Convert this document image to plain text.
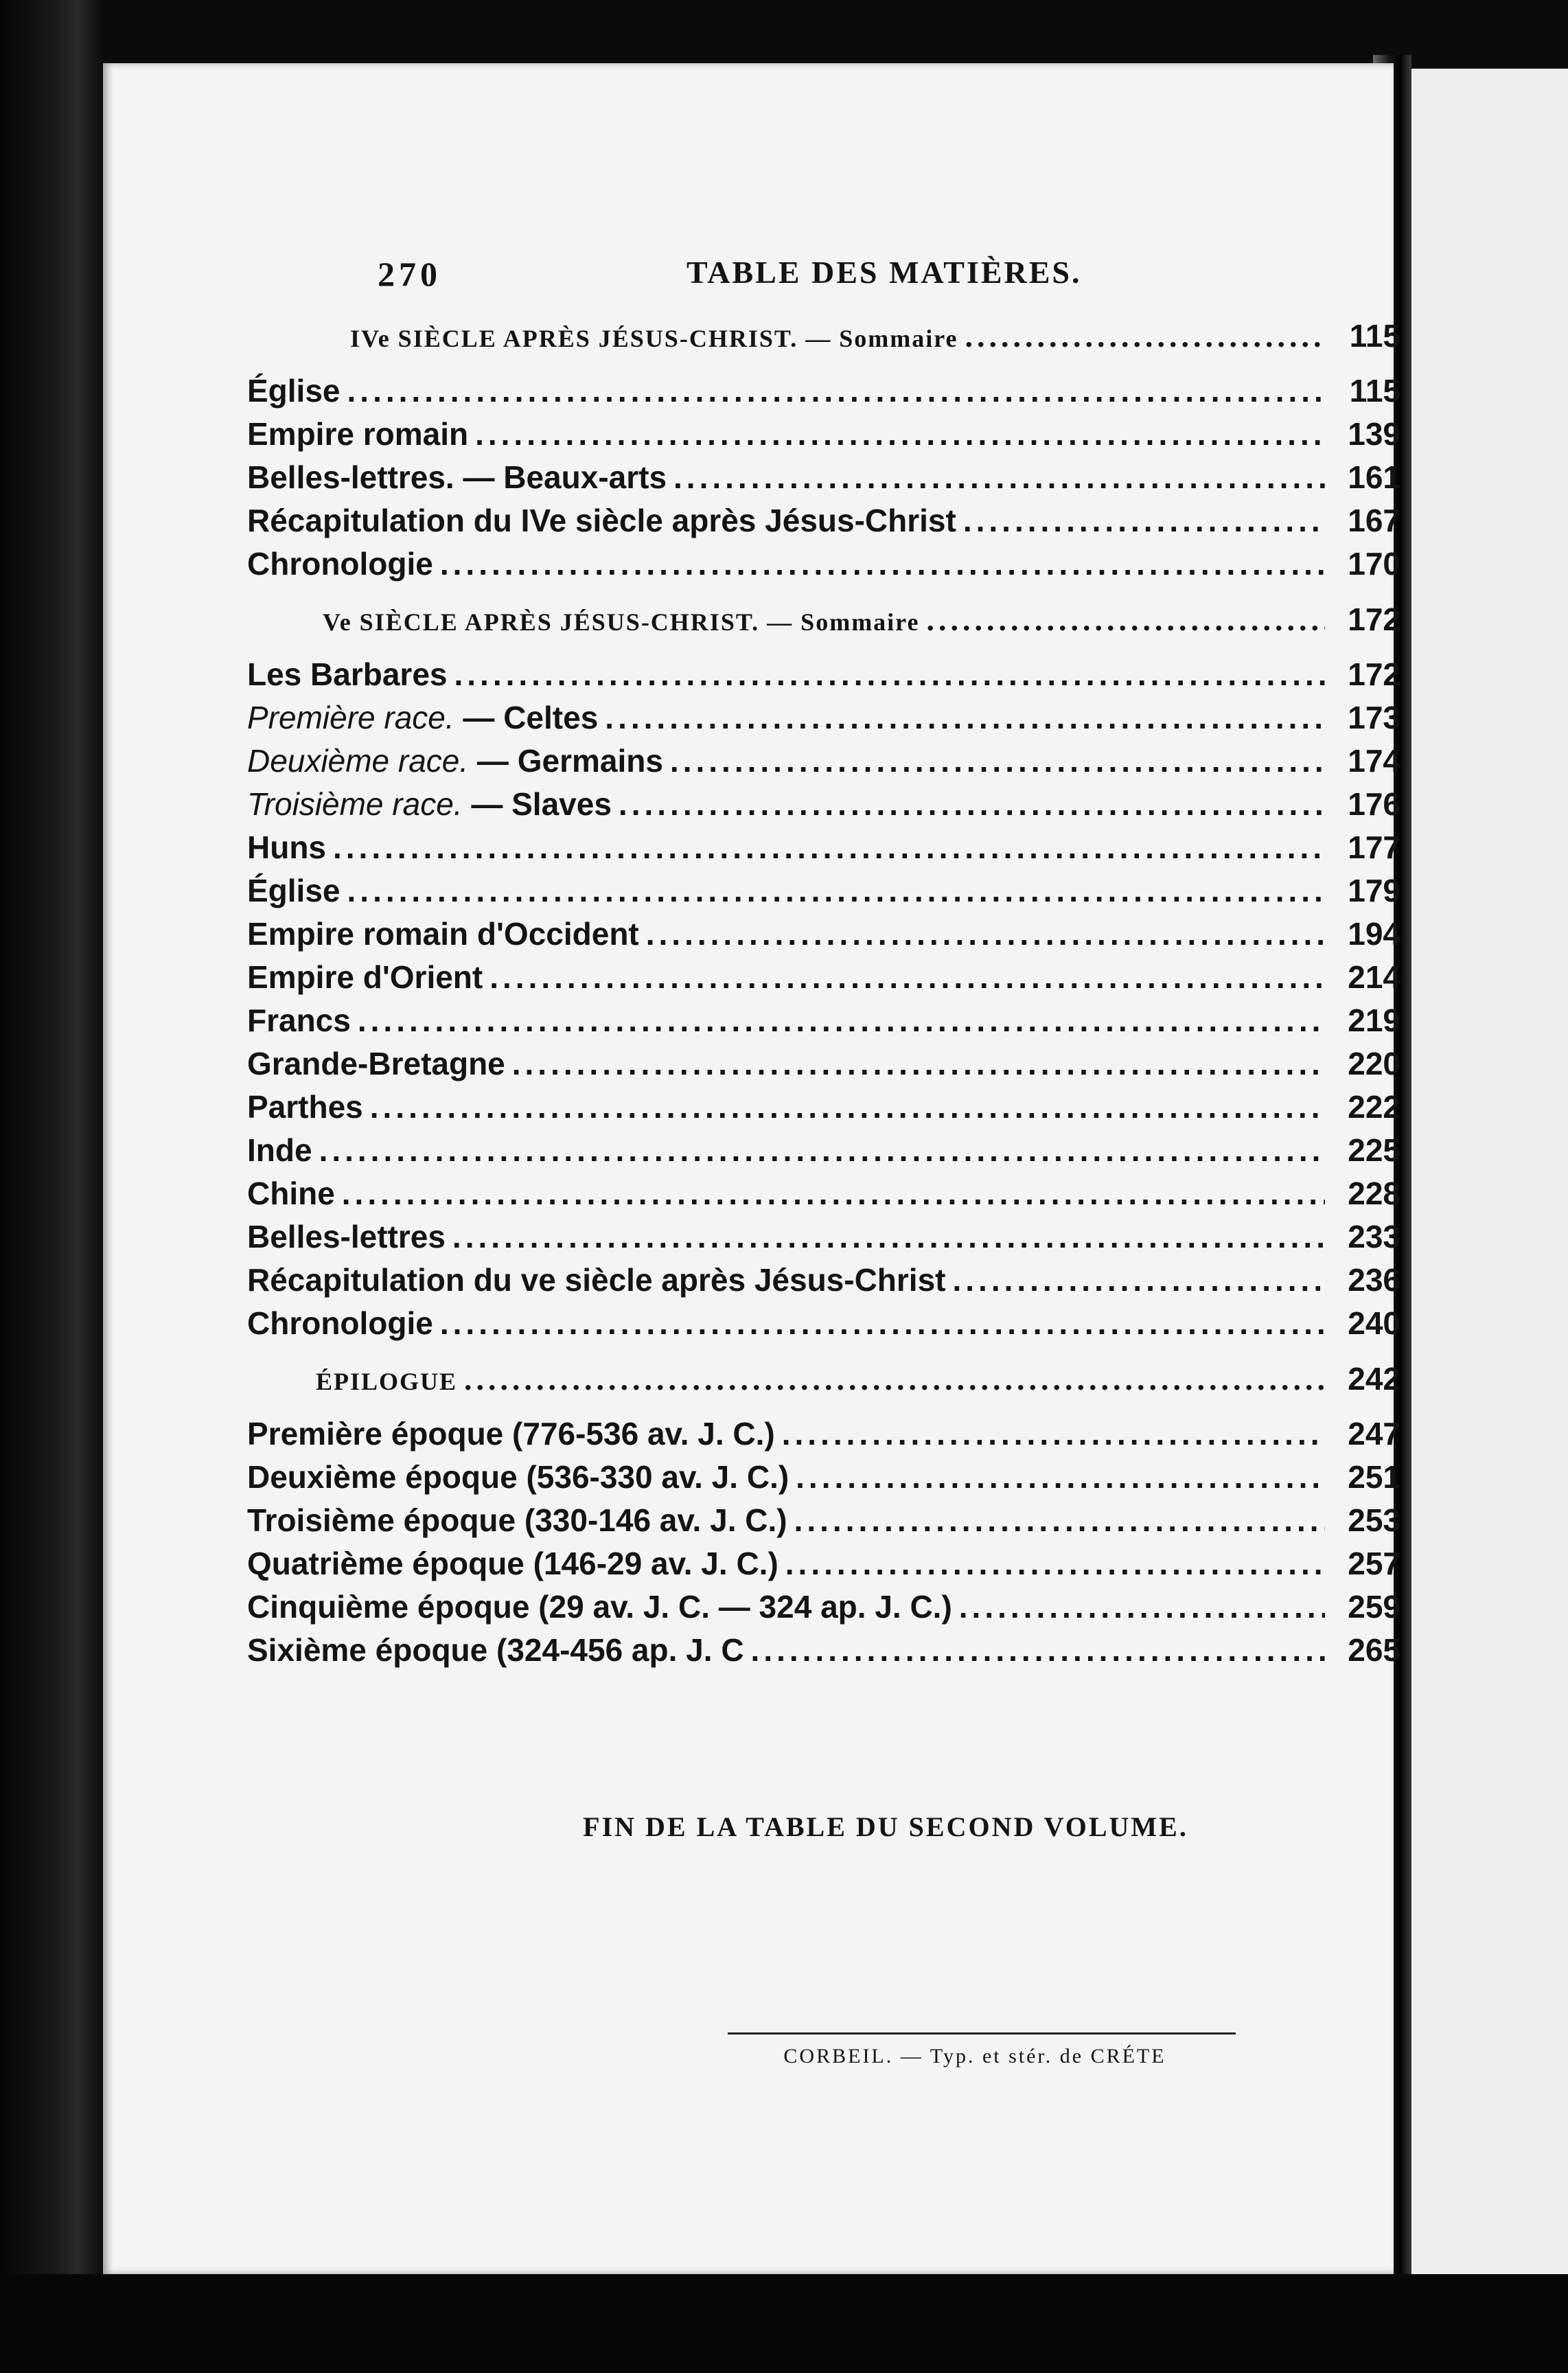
270	TABLE DES MATIÈRES.
IVe SIÈCLE APRÈS JÉSUS-CHRIST. — Sommaire .....	115
Église .....	115
Empire romain .....	139
Belles-lettres. — Beaux-arts .....	161
Récapitulation du IVe siècle après Jésus-Christ .....	167
Chronologie .....	170
Ve SIÈCLE APRÈS JÉSUS-CHRIST. — Sommaire .....	172
Les Barbares .....	172
Première race. — Celtes .....	173
Deuxième race. — Germains .....	174
Troisième race. — Slaves .....	176
Huns .....	177
Église .....	179
Empire romain d'Occident .....	194
Empire d'Orient .....	214
Francs .....	219
Grande-Bretagne .....	220
Parthes .....	222
Inde .....	225
Chine .....	228
Belles-lettres .....	233
Récapitulation du ve siècle après Jésus-Christ .....	236
Chronologie .....	240
ÉPILOGUE .....	242
Première époque (776-536 av. J. C.) .....	247
Deuxième époque (536-330 av. J. C.) .....	251
Troisième époque (330-146 av. J. C.) .....	253
Quatrième époque (146-29 av. J. C.) .....	257
Cinquième époque (29 av. J. C. — 324 ap. J. C.) .....	259
Sixième époque (324-456 ap. J. C .....	265
FIN DE LA TABLE DU SECOND VOLUME.
CORBEIL. — Typ. et stér. de CRÉTE
